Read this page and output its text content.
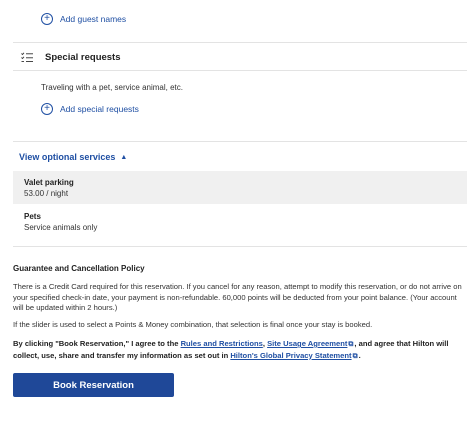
+	Add guest names
Special requests
Traveling with a pet, service animal, etc.
+	Add special requests
View optional services ▲
Valet parking
53.00 / night
Pets
Service animals only
Guarantee and Cancellation Policy
There is a Credit Card required for this reservation. If you cancel for any reason, attempt to modify this reservation, or do not arrive on your specified check-in date, your payment is non-refundable. 60,000 points will be deducted from your point balance. (Your account will be updated within 2 hours.)
If the slider is used to select a Points & Money combination, that selection is final once your stay is booked.
By clicking "Book Reservation," I agree to the Rules and Restrictions, Site Usage Agreement⧉, and agree that Hilton will collect, use, share and transfer my information as set out in Hilton's Global Privacy Statement⧉.
Book Reservation
